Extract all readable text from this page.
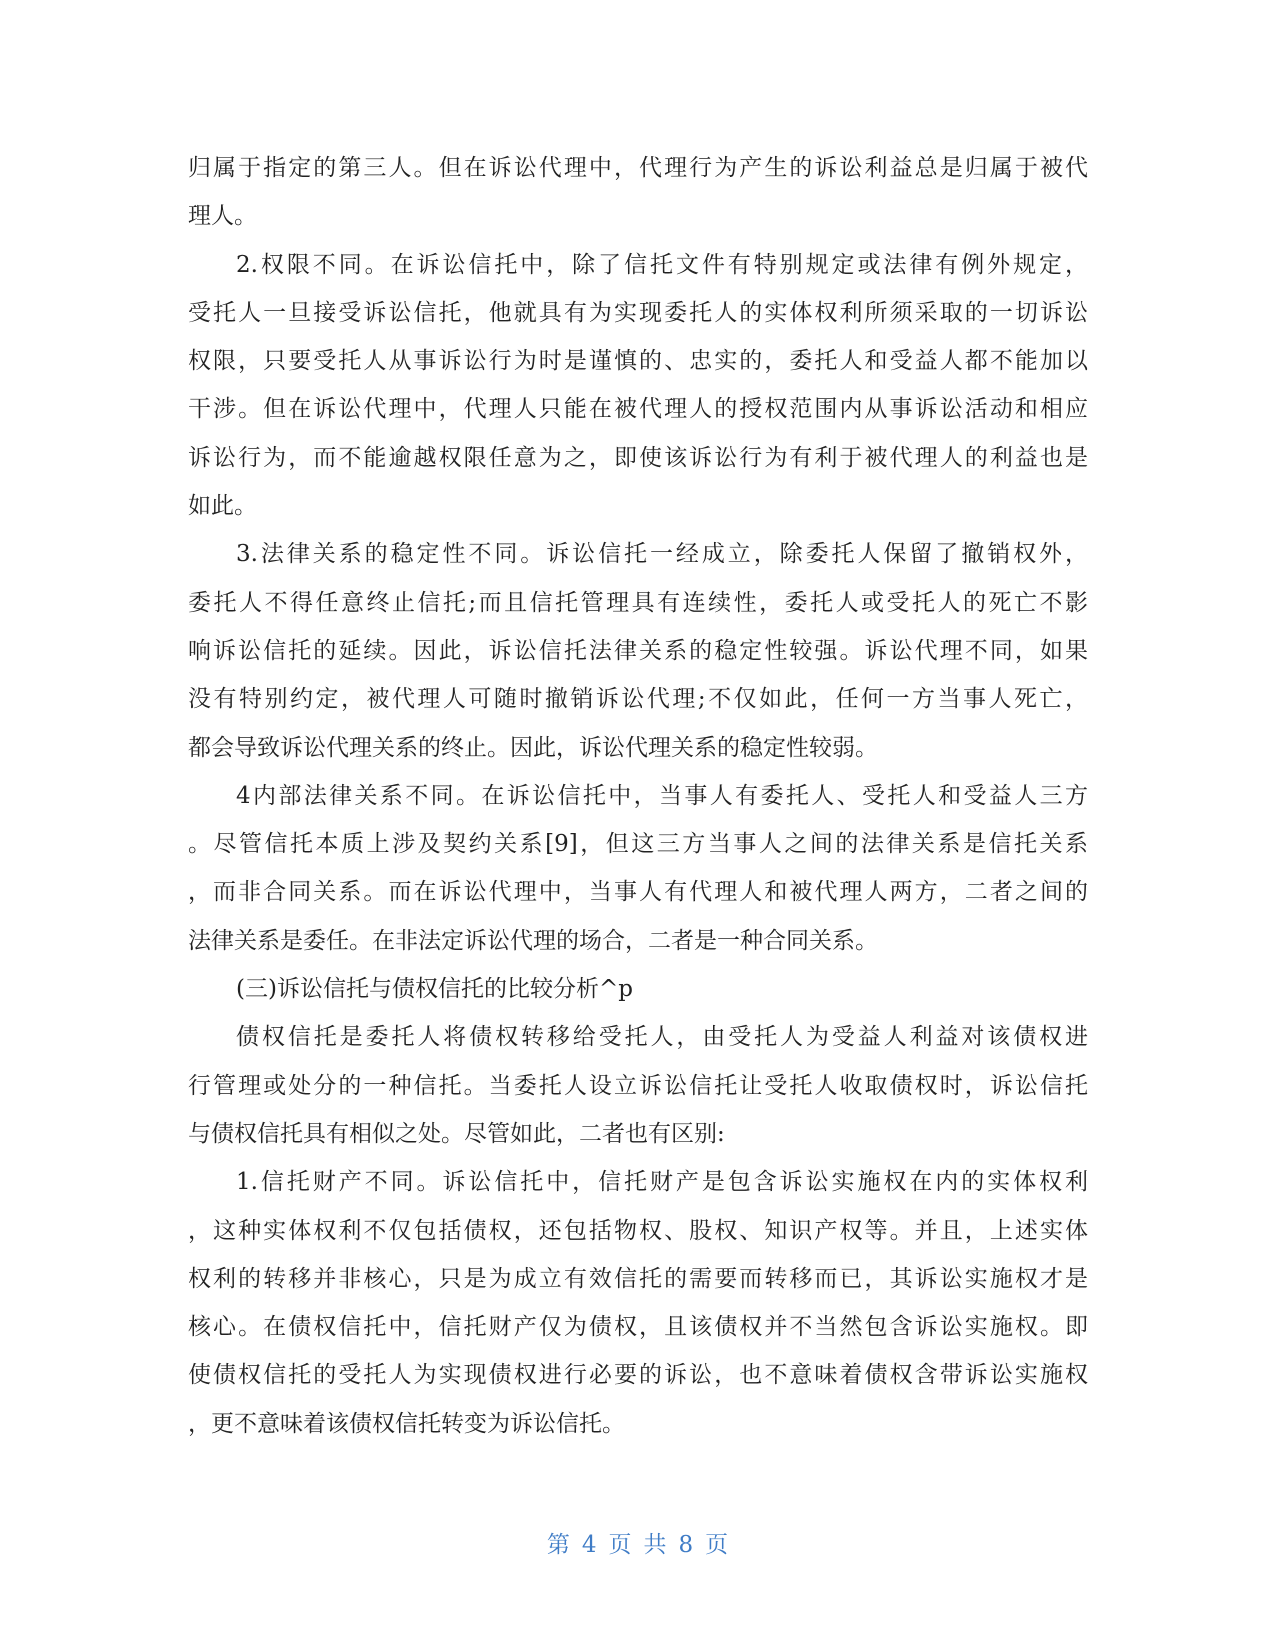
归属于指定的第三人。但在诉讼代理中，代理行为产生的诉讼利益总是归属于被代
理人。
2.权限不同。在诉讼信托中，除了信托文件有特别规定或法律有例外规定，
受托人一旦接受诉讼信托，他就具有为实现委托人的实体权利所须采取的一切诉讼
权限，只要受托人从事诉讼行为时是谨慎的、忠实的，委托人和受益人都不能加以
干涉。但在诉讼代理中，代理人只能在被代理人的授权范围内从事诉讼活动和相应
诉讼行为，而不能逾越权限任意为之，即使该诉讼行为有利于被代理人的利益也是
如此。
3.法律关系的稳定性不同。诉讼信托一经成立，除委托人保留了撤销权外，
委托人不得任意终止信托;而且信托管理具有连续性，委托人或受托人的死亡不影
响诉讼信托的延续。因此，诉讼信托法律关系的稳定性较强。诉讼代理不同，如果
没有特别约定，被代理人可随时撤销诉讼代理;不仅如此，任何一方当事人死亡，
都会导致诉讼代理关系的终止。因此，诉讼代理关系的稳定性较弱。
4内部法律关系不同。在诉讼信托中，当事人有委托人、受托人和受益人三方
。尽管信托本质上涉及契约关系[9]，但这三方当事人之间的法律关系是信托关系
，而非合同关系。而在诉讼代理中，当事人有代理人和被代理人两方，二者之间的
法律关系是委任。在非法定诉讼代理的场合，二者是一种合同关系。
(三)诉讼信托与债权信托的比较分析^p
债权信托是委托人将债权转移给受托人，由受托人为受益人利益对该债权进
行管理或处分的一种信托。当委托人设立诉讼信托让受托人收取债权时，诉讼信托
与债权信托具有相似之处。尽管如此，二者也有区别:
1.信托财产不同。诉讼信托中，信托财产是包含诉讼实施权在内的实体权利
，这种实体权利不仅包括债权，还包括物权、股权、知识产权等。并且，上述实体
权利的转移并非核心，只是为成立有效信托的需要而转移而已，其诉讼实施权才是
核心。在债权信托中，信托财产仅为债权，且该债权并不当然包含诉讼实施权。即
使债权信托的受托人为实现债权进行必要的诉讼，也不意味着债权含带诉讼实施权
，更不意味着该债权信托转变为诉讼信托。
第 4 页 共 8 页
